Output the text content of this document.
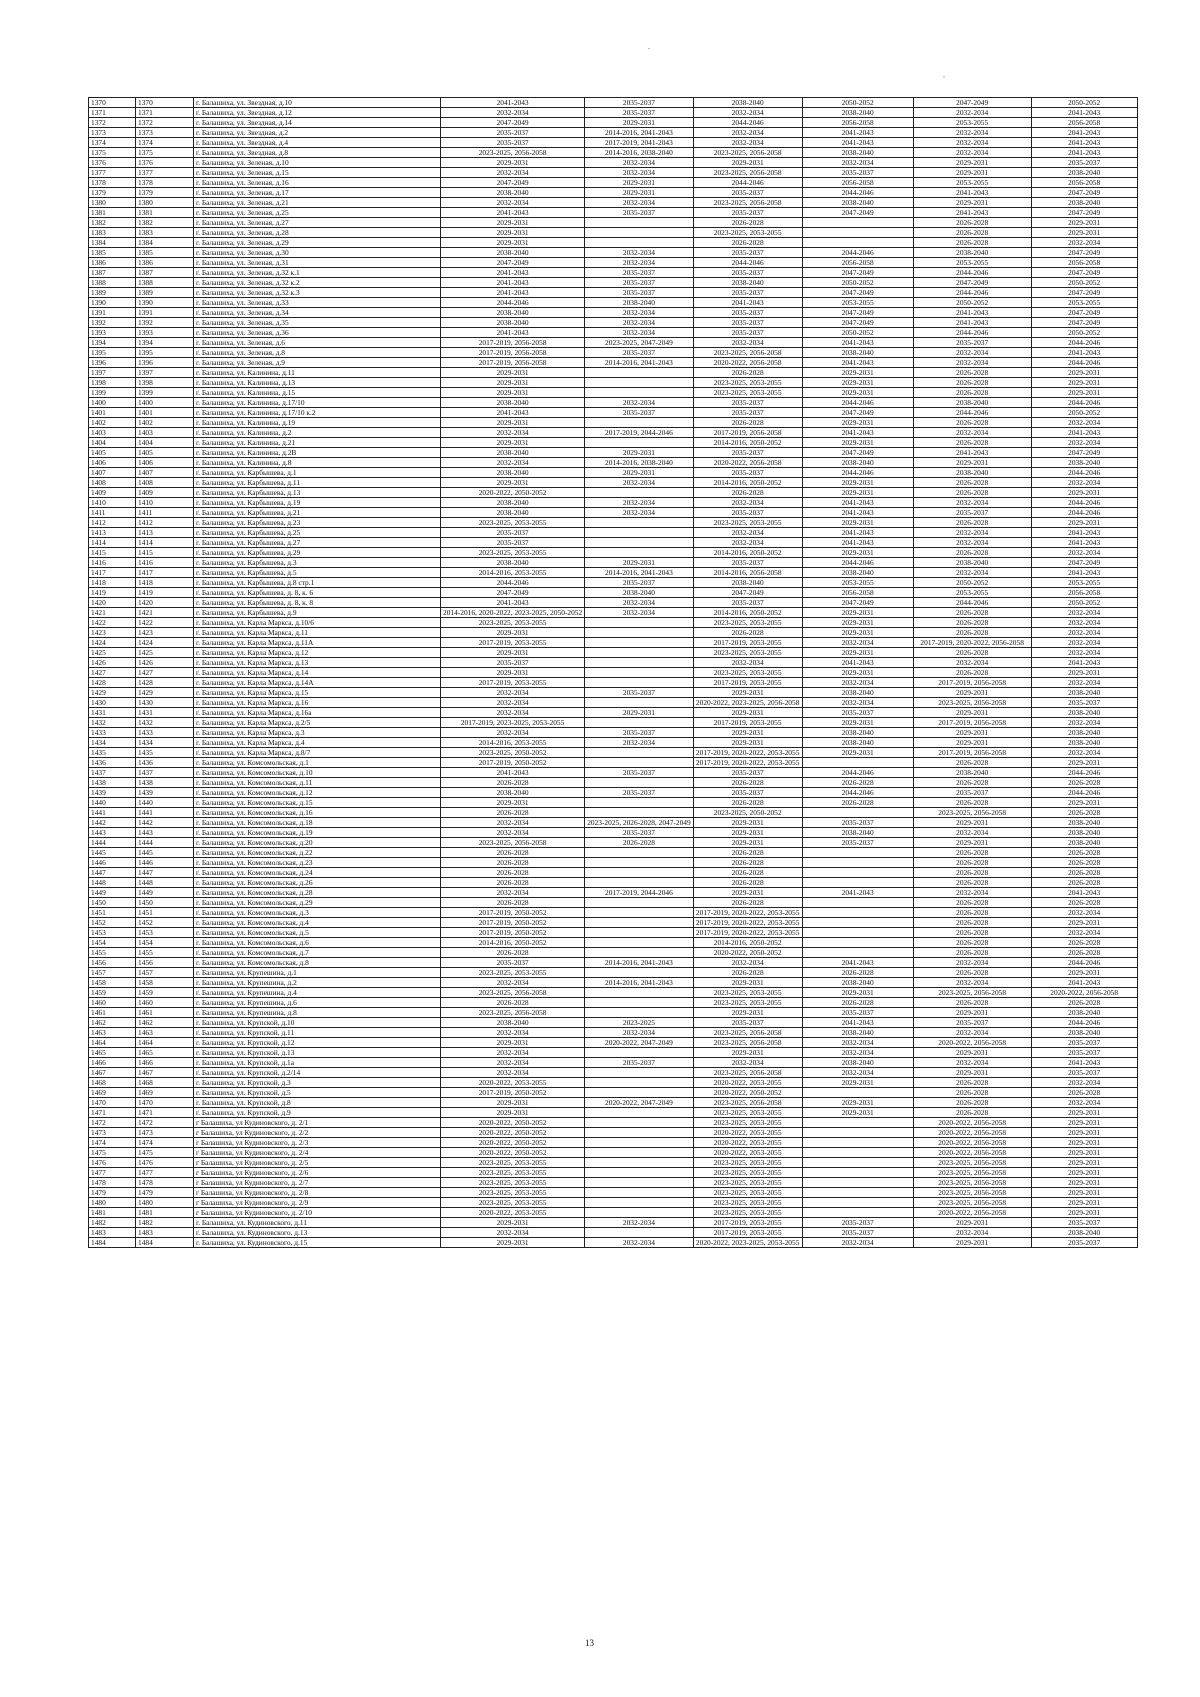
1370	1370	г. Балашиха, ул. Звездная, д.10	2041-2043	2035-2037	2038-2040	2050-2052	2047-2049	2050-2052
1371	1371	г. Балашиха, ул. Звездная, д.12	2032-2034	2035-2037	2032-2034	2038-2040	2032-2034	2041-2043
1372	1372	г. Балашиха, ул. Звездная, д.14	2047-2049	2029-2031	2044-2046	2056-2058	2053-2055	2056-2058
1373	1373	г. Балашиха, ул. Звездная, д.2	2035-2037	2014-2016, 2041-2043	2032-2034	2041-2043	2032-2034	2041-2043
1374	1374	г. Балашиха, ул. Звездная, д.4	2035-2037	2017-2019, 2041-2043	2032-2034	2041-2043	2032-2034	2041-2043
1375	1375	г. Балашиха, ул. Звездная, д.8	2023-2025, 2056-2058	2014-2016, 2038-2040	2023-2025, 2056-2058	2038-2040	2032-2034	2041-2043
1376	1376	г. Балашиха, ул. Зеленая, д.10	2029-2031	2032-2034	2029-2031	2032-2034	2029-2031	2035-2037
1377	1377	г. Балашиха, ул. Зеленая, д.15	2032-2034	2032-2034	2023-2025, 2056-2058	2035-2037	2029-2031	2038-2040
1378	1378	г. Балашиха, ул. Зеленая, д.16	2047-2049	2029-2031	2044-2046	2056-2058	2053-2055	2056-2058
1379	1379	г. Балашиха, ул. Зеленая, д.17	2038-2040	2029-2031	2035-2037	2044-2046	2041-2043	2047-2049
1380	1380	г. Балашиха, ул. Зеленая, д.21	2032-2034	2032-2034	2023-2025, 2056-2058	2038-2040	2029-2031	2038-2040
1381	1381	г. Балашиха, ул. Зеленая, д.25	2041-2043	2035-2037	2035-2037	2047-2049	2041-2043	2047-2049
1382	1382	г. Балашиха, ул. Зеленая, д.27	2029-2031		2026-2028		2026-2028	2029-2031
1383	1383	г. Балашиха, ул. Зеленая, д.28	2029-2031		2023-2025, 2053-2055		2026-2028	2029-2031
1384	1384	г. Балашиха, ул. Зеленая, д.29	2029-2031		2026-2028		2026-2028	2032-2034
1385	1385	г. Балашиха, ул. Зеленая, д.30	2038-2040	2032-2034	2035-2037	2044-2046	2038-2040	2047-2049
1386	1386	г. Балашиха, ул. Зеленая, д.31	2047-2049	2032-2034	2044-2046	2056-2058	2053-2055	2056-2058
1387	1387	г. Балашиха, ул. Зеленая, д.32 к.1	2041-2043	2035-2037	2035-2037	2047-2049	2044-2046	2047-2049
1388	1388	г. Балашиха, ул. Зеленая, д.32 к.2	2041-2043	2035-2037	2038-2040	2050-2052	2047-2049	2050-2052
1389	1389	г. Балашиха, ул. Зеленая, д.32 к.3	2041-2043	2035-2037	2035-2037	2047-2049	2044-2046	2047-2049
1390	1390	г. Балашиха, ул. Зеленая, д.33	2044-2046	2038-2040	2041-2043	2053-2055	2050-2052	2053-2055
1391	1391	г. Балашиха, ул. Зеленая, д.34	2038-2040	2032-2034	2035-2037	2047-2049	2041-2043	2047-2049
1392	1392	г. Балашиха, ул. Зеленая, д.35	2038-2040	2032-2034	2035-2037	2047-2049	2041-2043	2047-2049
1393	1393	г. Балашиха, ул. Зеленая, д.36	2041-2043	2032-2034	2035-2037	2050-2052	2044-2046	2050-2052
1394	1394	г. Балашиха, ул. Зеленая, д.6	2017-2019, 2056-2058	2023-2025, 2047-2049	2032-2034	2041-2043	2035-2037	2044-2046
1395	1395	г. Балашиха, ул. Зеленая, д.8	2017-2019, 2056-2058	2035-2037	2023-2025, 2056-2058	2038-2040	2032-2034	2041-2043
1396	1396	г. Балашиха, ул. Зеленая, д.9	2017-2019, 2056-2058	2014-2016, 2041-2043	2020-2022, 2056-2058	2041-2043	2032-2034	2044-2046
1397	1397	г. Балашиха, ул. Калинина, д.11	2029-2031		2026-2028	2029-2031	2026-2028	2029-2031
1398	1398	г. Балашиха, ул. Калинина, д.13	2029-2031		2023-2025, 2053-2055	2029-2031	2026-2028	2029-2031
1399	1399	г. Балашиха, ул. Калинина, д.15	2029-2031		2023-2025, 2053-2055	2029-2031	2026-2028	2029-2031
1400	1400	г. Балашиха, ул. Калинина, д.17/10	2038-2040	2032-2034	2035-2037	2044-2046	2038-2040	2044-2046
1401	1401	г. Балашиха, ул. Калинина, д.17/10 к.2	2041-2043	2035-2037	2035-2037	2047-2049	2044-2046	2050-2052
1402	1402	г. Балашиха, ул. Калинина, д.19	2029-2031		2026-2028	2029-2031	2026-2028	2032-2034
1403	1403	г. Балашиха, ул. Калинина, д.2	2032-2034	2017-2019, 2044-2046	2017-2019, 2056-2058	2041-2043	2032-2034	2041-2043
1404	1404	г. Балашиха, ул. Калинина, д.21	2029-2031		2014-2016, 2050-2052	2029-2031	2026-2028	2032-2034
1405	1405	г. Балашиха, ул. Калинина, д.2В	2038-2040	2029-2031	2035-2037	2047-2049	2041-2043	2047-2049
1406	1406	г. Балашиха, ул. Калинина, д.8	2032-2034	2014-2016, 2038-2040	2020-2022, 2056-2058	2038-2040	2029-2031	2038-2040
1407	1407	г. Балашиха, ул. Карбышева, д.1	2038-2040	2029-2031	2035-2037	2044-2046	2038-2040	2044-2046
1408	1408	г. Балашиха, ул. Карбышева, д.11	2029-2031	2032-2034	2014-2016, 2050-2052	2029-2031	2026-2028	2032-2034
1409	1409	г. Балашиха, ул. Карбышева, д.13	2020-2022, 2050-2052		2026-2028	2029-2031	2026-2028	2029-2031
1410	1410	г. Балашиха, ул. Карбышева, д.19	2038-2040	2032-2034	2032-2034	2041-2043	2032-2034	2044-2046
1411	1411	г. Балашиха, ул. Карбышева, д.21	2038-2040	2032-2034	2035-2037	2041-2043	2035-2037	2044-2046
1412	1412	г. Балашиха, ул. Карбышева, д.23	2023-2025, 2053-2055		2023-2025, 2053-2055	2029-2031	2026-2028	2029-2031
1413	1413	г. Балашиха, ул. Карбышева, д.25	2035-2037		2032-2034	2041-2043	2032-2034	2041-2043
1414	1414	г. Балашиха, ул. Карбышева, д.27	2035-2037		2032-2034	2041-2043	2032-2034	2041-2043
1415	1415	г. Балашиха, ул. Карбышева, д.29	2023-2025, 2053-2055		2014-2016, 2050-2052	2029-2031	2026-2028	2032-2034
1416	1416	г. Балашиха, ул. Карбышева, д.3	2038-2040	2029-2031	2035-2037	2044-2046	2038-2040	2047-2049
1417	1417	г. Балашиха, ул. Карбышева, д.5	2014-2016, 2053-2055	2014-2016, 2041-2043	2014-2016, 2056-2058	2038-2040	2032-2034	2041-2043
1418	1418	г. Балашиха, ул. Карбышева, д.8 стр.1	2044-2046	2035-2037	2038-2040	2053-2055	2050-2052	2053-2055
1419	1419	г. Балашиха, ул. Карбышева, д. 8, к. 6	2047-2049	2038-2040	2047-2049	2056-2058	2053-2055	2056-2058
1420	1420	г. Балашиха, ул. Карбышева, д. 8, к. 8	2041-2043	2032-2034	2035-2037	2047-2049	2044-2046	2050-2052
1421	1421	г. Балашиха, ул. Карбышева, д.9	2014-2016, 2020-2022, 2023-2025, 2050-2052	2032-2034	2014-2016, 2050-2052	2029-2031	2026-2028	2032-2034
1422	1422	г. Балашиха, ул. Карла Маркса, д.10/6	2023-2025, 2053-2055		2023-2025, 2053-2055	2029-2031	2026-2028	2032-2034
1423	1423	г. Балашиха, ул. Карла Маркса, д.11	2029-2031		2026-2028	2029-2031	2026-2028	2032-2034
1424	1424	г. Балашиха, ул. Карла Маркса, д.11А	2017-2019, 2053-2055		2017-2019, 2053-2055	2032-2034	2017-2019, 2020-2022, 2056-2058	2032-2034
1425	1425	г. Балашиха, ул. Карла Маркса, д.12	2029-2031		2023-2025, 2053-2055	2029-2031	2026-2028	2032-2034
1426	1426	г. Балашиха, ул. Карла Маркса, д.13	2035-2037		2032-2034	2041-2043	2032-2034	2041-2043
1427	1427	г. Балашиха, ул. Карла Маркса, д.14	2029-2031		2023-2025, 2053-2055	2029-2031	2026-2028	2029-2031
1428	1428	г. Балашиха, ул. Карла Маркса, д.14А	2017-2019, 2053-2055		2017-2019, 2053-2055	2032-2034	2017-2019, 2056-2058	2032-2034
1429	1429	г. Балашиха, ул. Карла Маркса, д.15	2032-2034	2035-2037	2029-2031	2038-2040	2029-2031	2038-2040
1430	1430	г. Балашиха, ул. Карла Маркса, д.16	2032-2034		2020-2022, 2023-2025, 2056-2058	2032-2034	2023-2025, 2056-2058	2035-2037
1431	1431	г. Балашиха, ул. Карла Маркса, д.16а	2032-2034	2029-2031	2029-2031	2035-2037	2029-2031	2038-2040
1432	1432	г. Балашиха, ул. Карла Маркса, д.2/5	2017-2019, 2023-2025, 2053-2055		2017-2019, 2053-2055	2029-2031	2017-2019, 2056-2058	2032-2034
1433	1433	г. Балашиха, ул. Карла Маркса, д.3	2032-2034	2035-2037	2029-2031	2038-2040	2029-2031	2038-2040
1434	1434	г. Балашиха, ул. Карла Маркса, д.4	2014-2016, 2053-2055	2032-2034	2029-2031	2038-2040	2029-2031	2038-2040
1435	1435	г. Балашиха, ул. Карла Маркса, д.8/7	2023-2025, 2050-2052		2017-2019, 2020-2022, 2053-2055	2029-2031	2017-2019, 2056-2058	2032-2034
1436	1436	г. Балашиха, ул. Комсомольская, д.1	2017-2019, 2050-2052		2017-2019, 2020-2022, 2053-2055		2026-2028	2029-2031
1437	1437	г. Балашиха, ул. Комсомольская, д.10	2041-2043	2035-2037	2035-2037	2044-2046	2038-2040	2044-2046
1438	1438	г. Балашиха, ул. Комсомольская, д.11	2026-2028		2026-2028	2026-2028	2026-2028	2026-2028
1439	1439	г. Балашиха, ул. Комсомольская, д.12	2038-2040	2035-2037	2035-2037	2044-2046	2035-2037	2044-2046
1440	1440	г. Балашиха, ул. Комсомольская, д.15	2029-2031		2026-2028	2026-2028	2026-2028	2029-2031
1441	1441	г. Балашиха, ул. Комсомольская, д.16	2026-2028		2023-2025, 2050-2052		2023-2025, 2056-2058	2026-2028
1442	1442	г. Балашиха, ул. Комсомольская, д.18	2032-2034	2023-2025, 2026-2028, 2047-2049	2029-2031	2035-2037	2029-2031	2038-2040
1443	1443	г. Балашиха, ул. Комсомольская, д.19	2032-2034	2035-2037	2029-2031	2038-2040	2032-2034	2038-2040
1444	1444	г. Балашиха, ул. Комсомольская, д.20	2023-2025, 2056-2058	2026-2028	2029-2031	2035-2037	2029-2031	2038-2040
1445	1445	г. Балашиха, ул. Комсомольская, д.22	2026-2028		2026-2028		2026-2028	2026-2028
1446	1446	г. Балашиха, ул. Комсомольская, д.23	2026-2028		2026-2028		2026-2028	2026-2028
1447	1447	г. Балашиха, ул. Комсомольская, д.24	2026-2028		2026-2028		2026-2028	2026-2028
1448	1448	г. Балашиха, ул. Комсомольская, д.26	2026-2028		2026-2028		2026-2028	2026-2028
1449	1449	г. Балашиха, ул. Комсомольская, д.28	2032-2034	2017-2019, 2044-2046	2029-2031	2041-2043	2032-2034	2041-2043
1450	1450	г. Балашиха, ул. Комсомольская, д.29	2026-2028		2026-2028		2026-2028	2026-2028
1451	1451	г. Балашиха, ул. Комсомольская, д.3	2017-2019, 2050-2052		2017-2019, 2020-2022, 2053-2055		2026-2028	2032-2034
1452	1452	г. Балашиха, ул. Комсомольская, д.4	2017-2019, 2050-2052		2017-2019, 2020-2022, 2053-2055		2026-2028	2029-2031
1453	1453	г. Балашиха, ул. Комсомольская, д.5	2017-2019, 2050-2052		2017-2019, 2020-2022, 2053-2055		2026-2028	2032-2034
1454	1454	г. Балашиха, ул. Комсомольская, д.6	2014-2016, 2050-2052		2014-2016, 2050-2052		2026-2028	2026-2028
1455	1455	г. Балашиха, ул. Комсомольская, д.7	2026-2028		2020-2022, 2050-2052		2026-2028	2026-2028
1456	1456	г. Балашиха, ул. Комсомольская, д.8	2035-2037	2014-2016, 2041-2043	2032-2034	2041-2043	2032-2034	2044-2046
1457	1457	г. Балашиха, ул. Крупешина, д.1	2023-2025, 2053-2055		2026-2028	2026-2028	2026-2028	2029-2031
1458	1458	г. Балашиха, ул. Крупешина, д.2	2032-2034	2014-2016, 2041-2043	2029-2031	2038-2040	2032-2034	2041-2043
1459	1459	г. Балашиха, ул. Крупешина, д.4	2023-2025, 2056-2058		2023-2025, 2053-2055	2029-2031	2023-2025, 2056-2058	2020-2022, 2056-2058
1460	1460	г. Балашиха, ул. Крупешина, д.6	2026-2028		2023-2025, 2053-2055	2026-2028	2026-2028	2026-2028
1461	1461	г. Балашиха, ул. Крупешина, д.8	2023-2025, 2056-2058		2029-2031	2035-2037	2029-2031	2038-2040
1462	1462	г. Балашиха, ул. Крупской, д.10	2038-2040	2023-2025	2035-2037	2041-2043	2035-2037	2044-2046
1463	1463	г. Балашиха, ул. Крупской, д.11	2032-2034	2032-2034	2023-2025, 2056-2058	2038-2040	2032-2034	2038-2040
1464	1464	г. Балашиха, ул. Крупской, д.12	2029-2031	2020-2022, 2047-2049	2023-2025, 2056-2058	2032-2034	2020-2022, 2056-2058	2035-2037
1465	1465	г. Балашиха, ул. Крупской, д.13	2032-2034		2029-2031	2032-2034	2029-2031	2035-2037
1466	1466	г. Балашиха, ул. Крупской, д.1а	2032-2034	2035-2037	2032-2034	2038-2040	2032-2034	2041-2043
1467	1467	г. Балашиха, ул. Крупской, д.2/14	2032-2034		2023-2025, 2056-2058	2032-2034	2029-2031	2035-2037
1468	1468	г. Балашиха, ул. Крупской, д.3	2020-2022, 2053-2055		2020-2022, 2053-2055	2029-2031	2026-2028	2032-2034
1469	1469	г. Балашиха, ул. Крупской, д.5	2017-2019, 2050-2052		2020-2022, 2050-2052		2026-2028	2026-2028
1470	1470	г. Балашиха, ул. Крупской, д.8	2029-2031	2020-2022, 2047-2049	2023-2025, 2056-2058	2029-2031	2026-2028	2032-2034
1471	1471	г. Балашиха, ул. Крупской, д.9	2029-2031		2023-2025, 2053-2055	2029-2031	2026-2028	2029-2031
1472	1472	г Балашиха, ул Кудиновского, д. 2/1	2020-2022, 2050-2052		2023-2025, 2053-2055		2020-2022, 2056-2058	2029-2031
1473	1473	г Балашиха, ул Кудиновского, д. 2/2	2020-2022, 2050-2052		2020-2022, 2053-2055		2020-2022, 2056-2058	2029-2031
1474	1474	г Балашиха, ул Кудиновского, д. 2/3	2020-2022, 2050-2052		2020-2022, 2053-2055		2020-2022, 2056-2058	2029-2031
1475	1475	г Балашиха, ул Кудиновского, д. 2/4	2020-2022, 2050-2052		2020-2022, 2053-2055		2020-2022, 2056-2058	2029-2031
1476	1476	г Балашиха, ул Кудиновского, д. 2/5	2023-2025, 2053-2055		2023-2025, 2053-2055		2023-2025, 2056-2058	2029-2031
1477	1477	г Балашиха, ул Кудиновского, д. 2/6	2023-2025, 2053-2055		2023-2025, 2053-2055		2023-2025, 2056-2058	2029-2031
1478	1478	г Балашиха, ул Кудиновского, д. 2/7	2023-2025, 2053-2055		2023-2025, 2053-2055		2023-2025, 2056-2058	2029-2031
1479	1479	г Балашиха, ул Кудиновского, д. 2/8	2023-2025, 2053-2055		2023-2025, 2053-2055		2023-2025, 2056-2058	2029-2031
1480	1480	г Балашиха, ул Кудиновского, д. 2/9	2023-2025, 2053-2055		2023-2025, 2053-2055		2023-2025, 2056-2058	2029-2031
1481	1481	г Балашиха, ул Кудиновского, д. 2/10	2020-2022, 2053-2055		2023-2025, 2053-2055		2020-2022, 2056-2058	2029-2031
1482	1482	г. Балашиха, ул. Кудиновского, д.11	2029-2031	2032-2034	2017-2019, 2053-2055	2035-2037	2029-2031	2035-2037
1483	1483	г. Балашиха, ул. Кудиновского, д.13	2032-2034		2017-2019, 2053-2055	2035-2037	2032-2034	2038-2040
1484	1484	г. Балашиха, ул. Кудиновского, д.15	2029-2031	2032-2034	2020-2022, 2023-2025, 2053-2055	2032-2034	2029-2031	2035-2037
13
